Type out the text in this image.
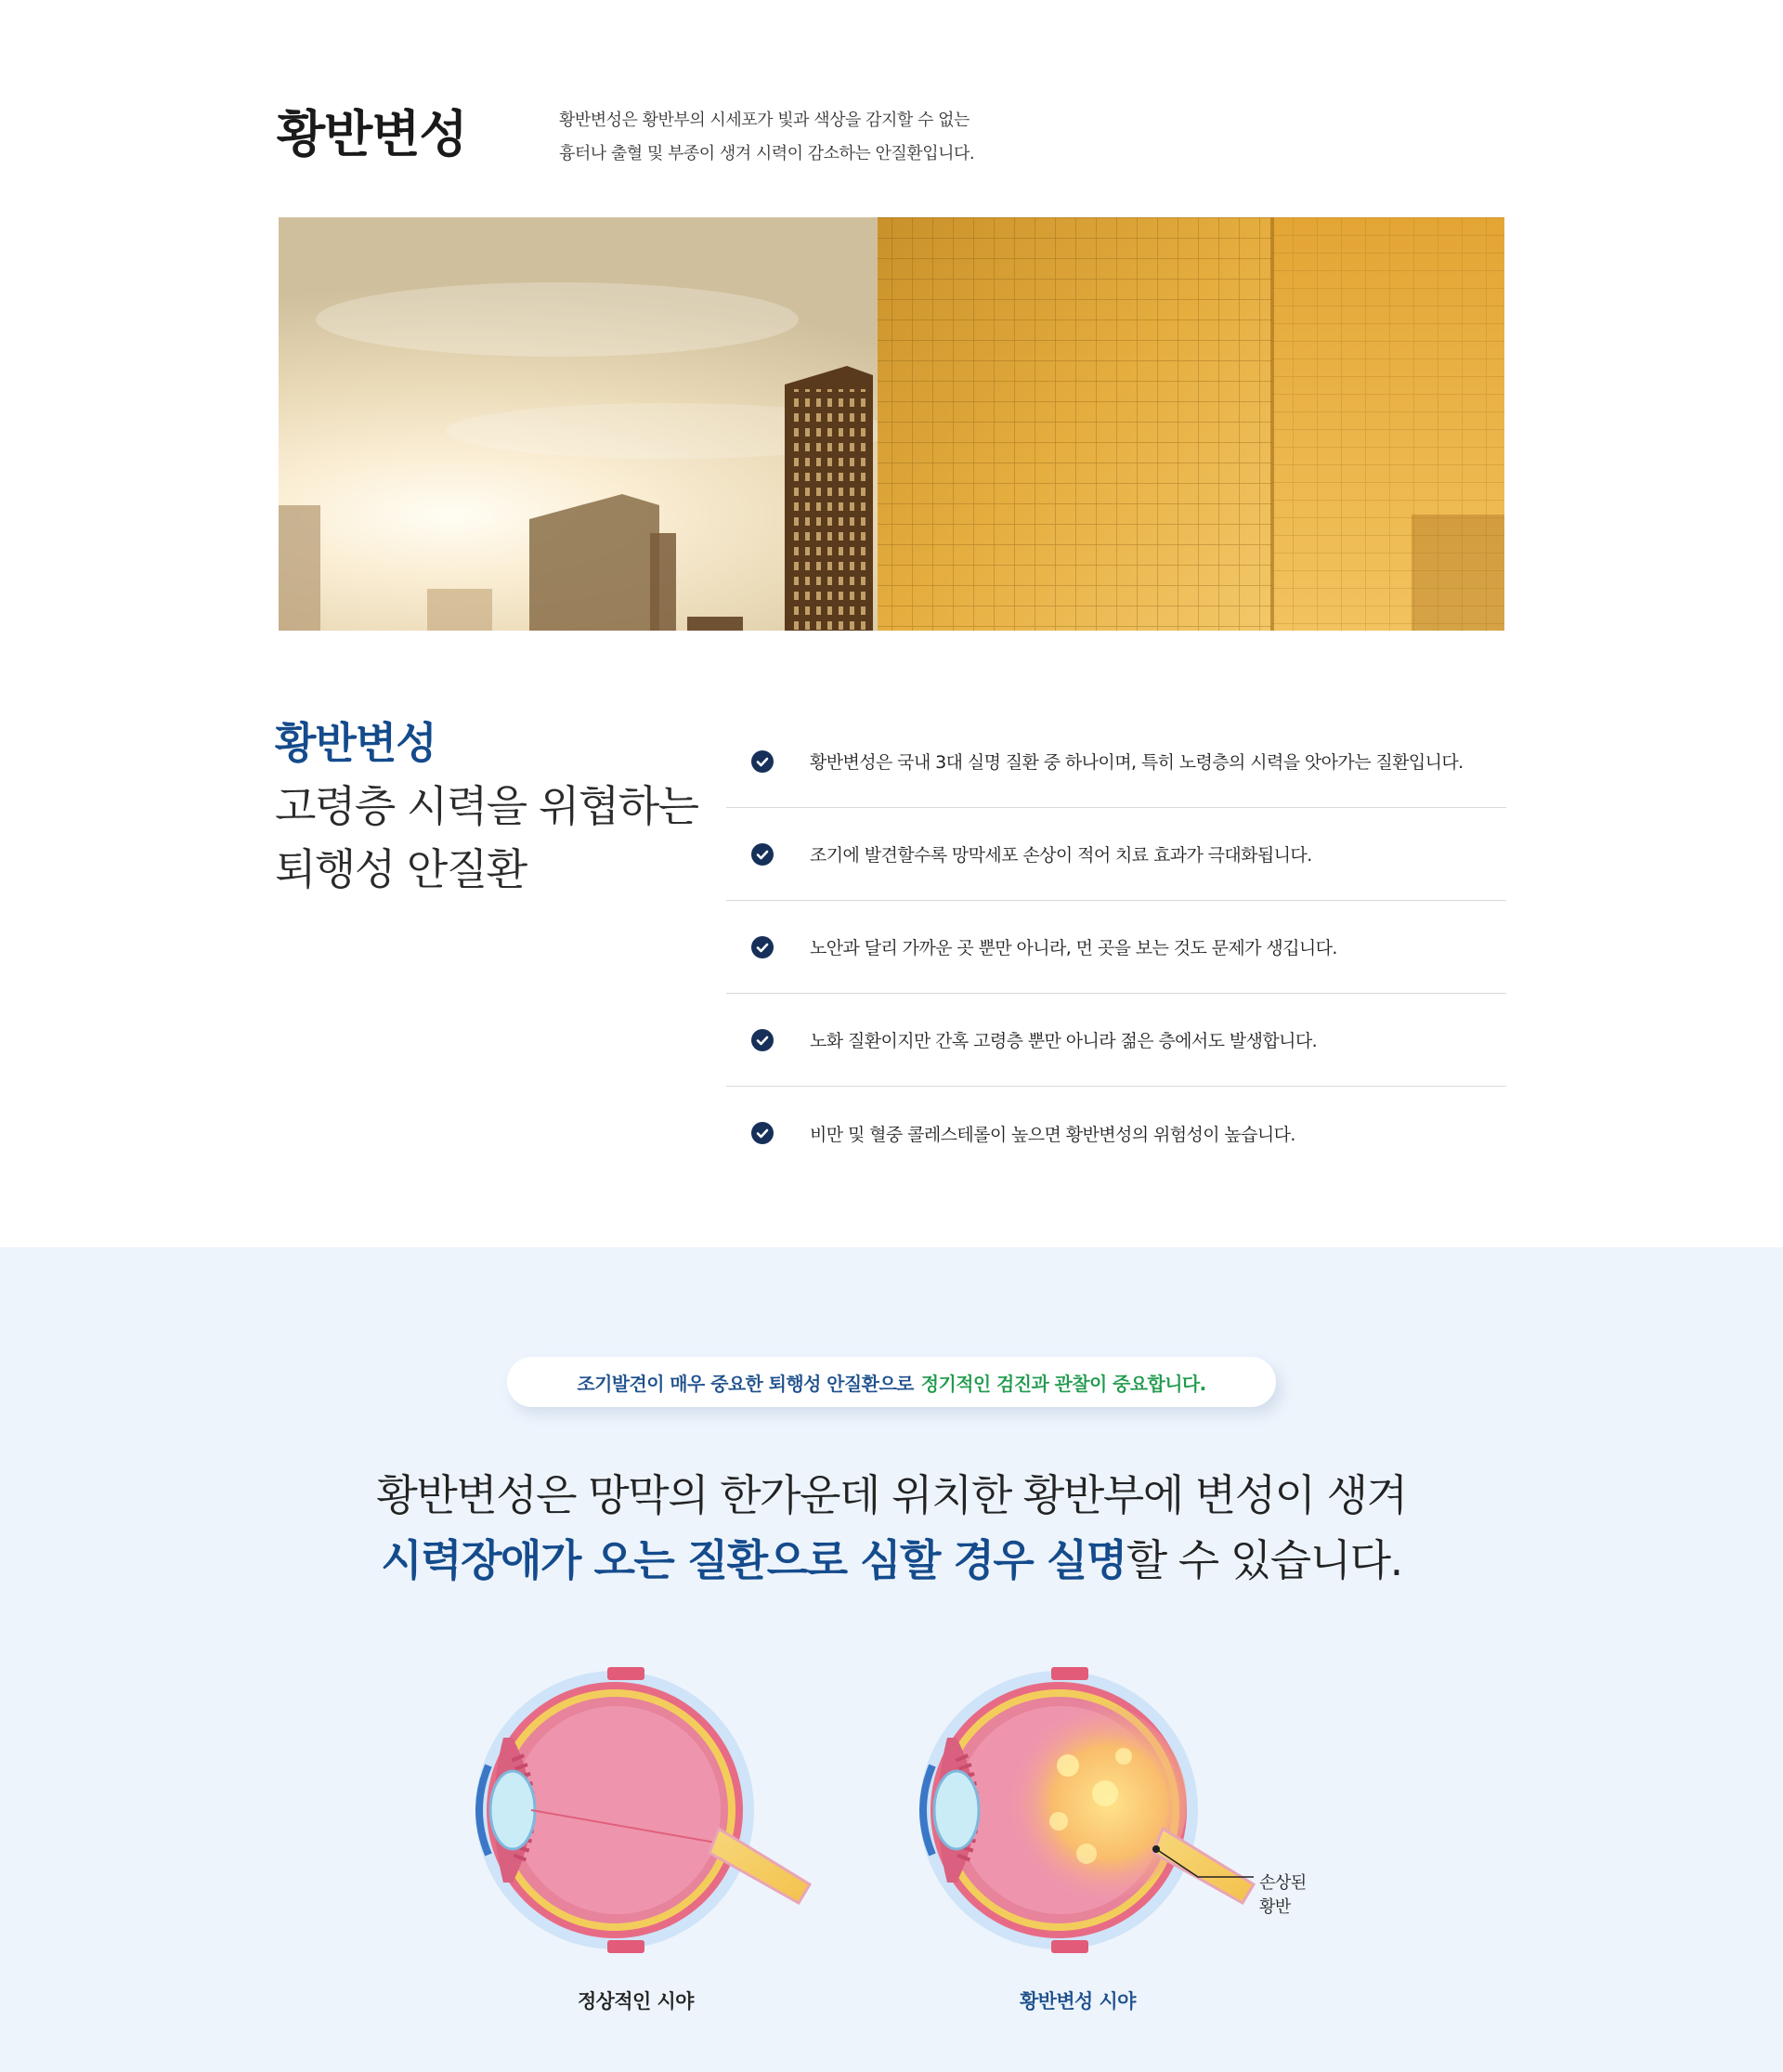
황반변성	황반변성은 황반부의 시세포가 빛과 색상을 감지할 수 없는

흉터나 출혈 및 부종이 생겨 시력이 감소하는 안질환입니다.

황반변성
고령층 시력을 위협하는
퇴행성 안질환
황반변성은 국내 3대 실명 질환 중 하나이며, 특히 노령층의 시력을 앗아가는 질환입니다.
조기에 발견할수록 망막세포 손상이 적어 치료 효과가 극대화됩니다.
노안과 달리 가까운 곳 뿐만 아니라, 먼 곳을 보는 것도 문제가 생깁니다.
노화 질환이지만 간혹 고령층 뿐만 아니라 젊은 층에서도 발생합니다.
비만 및 혈중 콜레스테롤이 높으면 황반변성의 위험성이 높습니다.
조기발견이 매우 중요한 퇴행성 안질환으로 정기적인 검진과 관찰이 중요합니다.
황반변성은 망막의 한가운데 위치한 황반부에 변성이 생겨
시력장애가 오는 질환으로 심할 경우 실명할 수 있습니다.
정상적인 시야
손상된
황반
황반변성 시야
